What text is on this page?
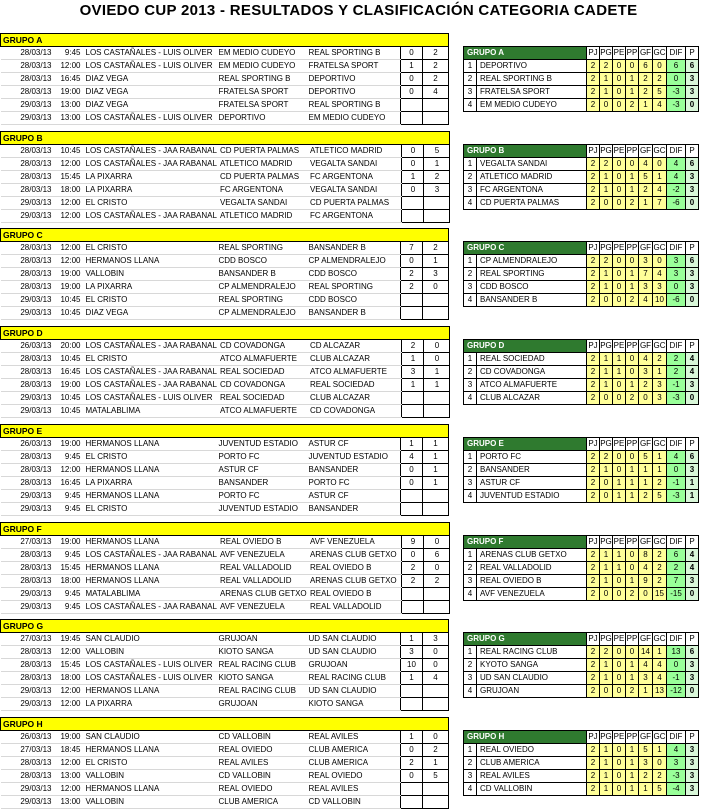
OVIEDO CUP 2013 - RESULTADOS Y CLASIFICACIÓN CATEGORIA CADETE
GRUPO A						
28/03/13	9:45	LOS CASTAÑALES - LUIS OLIVER	EM MEDIO CUDEYO	REAL SPORTING B	0	2
28/03/13	12:00	LOS CASTAÑALES - LUIS OLIVER	EM MEDIO CUDEYO	FRATELSA SPORT	1	2
28/03/13	16:45	DIAZ VEGA	REAL SPORTING B	DEPORTIVO	0	2
28/03/13	19:00	DIAZ VEGA	FRATELSA SPORT	DEPORTIVO	0	4
29/03/13	13:00	DIAZ VEGA	FRATELSA SPORT	REAL SPORTING B		
29/03/13	13:00	LOS CASTAÑALES - LUIS OLIVER	DEPORTIVO	EM MEDIO CUDEYO		
GRUPO A		PJ	PG	PE	PP	GF	GC	DIF	P
1	DEPORTIVO	2	2	0	0	6	0	6	6
2	REAL SPORTING B	2	1	0	1	2	2	0	3
3	FRATELSA SPORT	2	1	0	1	2	5	-3	3
4	EM MEDIO CUDEYO	2	0	0	2	1	4	-3	0
GRUPO B						
28/03/13	10:45	LOS CASTAÑALES - JAA RABANAL	CD PUERTA PALMAS	ATLETICO MADRID	0	5
28/03/13	12:00	LOS CASTAÑALES - JAA RABANAL	ATLETICO MADRID	VEGALTA SANDAI	0	1
28/03/13	15:45	LA PIXARRA	CD PUERTA PALMAS	FC ARGENTONA	1	2
28/03/13	18:00	LA PIXARRA	FC ARGENTONA	VEGALTA SANDAI	0	3
29/03/13	12:00	EL CRISTO	VEGALTA SANDAI	CD PUERTA PALMAS		
29/03/13	12:00	LOS CASTAÑALES - JAA RABANAL	ATLETICO MADRID	FC ARGENTONA		
GRUPO B		PJ	PG	PE	PP	GF	GC	DIF	P
1	VEGALTA SANDAI	2	2	0	0	4	0	4	6
2	ATLETICO MADRID	2	1	0	1	5	1	4	3
3	FC ARGENTONA	2	1	0	1	2	4	-2	3
4	CD PUERTA PALMAS	2	0	0	2	1	7	-6	0
GRUPO C						
28/03/13	12:00	EL CRISTO	REAL SPORTING	BANSANDER B	7	2
28/03/13	12:00	HERMANOS LLANA	CDD BOSCO	CP ALMENDRALEJO	0	1
28/03/13	19:00	VALLOBIN	BANSANDER B	CDD BOSCO	2	3
28/03/13	19:00	LA PIXARRA	CP ALMENDRALEJO	REAL SPORTING	2	0
29/03/13	10:45	EL CRISTO	REAL SPORTING	CDD BOSCO		
29/03/13	10:45	DIAZ VEGA	CP ALMENDRALEJO	BANSANDER B		
GRUPO C		PJ	PG	PE	PP	GF	GC	DIF	P
1	CP ALMENDRALEJO	2	2	0	0	3	0	3	6
2	REAL SPORTING	2	1	0	1	7	4	3	3
3	CDD BOSCO	2	1	0	1	3	3	0	3
4	BANSANDER B	2	0	0	2	4	10	-6	0
GRUPO D						
26/03/13	20:00	LOS CASTAÑALES - JAA RABANAL	CD COVADONGA	CD ALCAZAR	2	0
28/03/13	10:45	EL CRISTO	ATCO ALMAFUERTE	CLUB ALCAZAR	1	0
28/03/13	16:45	LOS CASTAÑALES - JAA RABANAL	REAL SOCIEDAD	ATCO ALMAFUERTE	3	1
28/03/13	19:00	LOS CASTAÑALES - JAA RABANAL	CD COVADONGA	REAL SOCIEDAD	1	1
29/03/13	10:45	LOS CASTAÑALES - LUIS OLIVER	REAL SOCIEDAD	CLUB ALCAZAR		
29/03/13	10:45	MATALABLIMA	ATCO ALMAFUERTE	CD COVADONGA		
GRUPO D		PJ	PG	PE	PP	GF	GC	DIF	P
1	REAL SOCIEDAD	2	1	1	0	4	2	2	4
2	CD COVADONGA	2	1	1	0	3	1	2	4
3	ATCO ALMAFUERTE	2	1	0	1	2	3	-1	3
4	CLUB ALCAZAR	2	0	0	2	0	3	-3	0
GRUPO E						
26/03/13	19:00	HERMANOS LLANA	JUVENTUD ESTADIO	ASTUR CF	1	1
28/03/13	9:45	EL CRISTO	PORTO FC	JUVENTUD ESTADIO	4	1
28/03/13	12:00	HERMANOS LLANA	ASTUR CF	BANSANDER	0	1
28/03/13	16:45	LA PIXARRA	BANSANDER	PORTO FC	0	1
29/03/13	9:45	HERMANOS LLANA	PORTO FC	ASTUR CF		
29/03/13	9:45	EL CRISTO	JUVENTUD ESTADIO	BANSANDER		
GRUPO E		PJ	PG	PE	PP	GF	GC	DIF	P
1	PORTO FC	2	2	0	0	5	1	4	6
2	BANSANDER	2	1	0	1	1	1	0	3
3	ASTUR CF	2	0	1	1	1	2	-1	1
4	JUVENTUD ESTADIO	2	0	1	1	2	5	-3	1
GRUPO F						
27/03/13	19:00	HERMANOS LLANA	REAL OVIEDO B	AVF VENEZUELA	9	0
28/03/13	9:45	LOS CASTAÑALES - JAA RABANAL	AVF VENEZUELA	ARENAS CLUB GETXO	0	6
28/03/13	15:45	HERMANOS LLANA	REAL VALLADOLID	REAL OVIEDO B	2	0
28/03/13	18:00	HERMANOS LLANA	REAL VALLADOLID	ARENAS CLUB GETXO	2	2
29/03/13	9:45	MATALABLIMA	ARENAS CLUB GETXO	REAL OVIEDO B		
29/03/13	9:45	LOS CASTAÑALES - JAA RABANAL	AVF VENEZUELA	REAL VALLADOLID		
GRUPO F		PJ	PG	PE	PP	GF	GC	DIF	P
1	ARENAS CLUB GETXO	2	1	1	0	8	2	6	4
2	REAL VALLADOLID	2	1	1	0	4	2	2	4
3	REAL OVIEDO B	2	1	0	1	9	2	7	3
4	AVF VENEZUELA	2	0	0	2	0	15	-15	0
GRUPO G						
27/03/13	19:45	SAN CLAUDIO	GRUJOAN	UD SAN CLAUDIO	1	3
28/03/13	12:00	VALLOBIN	KIOTO SANGA	UD SAN CLAUDIO	3	0
28/03/13	15:45	LOS CASTAÑALES - LUIS OLIVER	REAL RACING CLUB	GRUJOAN	10	0
28/03/13	18:00	LOS CASTAÑALES - LUIS OLIVER	KIOTO SANGA	REAL RACING CLUB	1	4
29/03/13	12:00	HERMANOS LLANA	REAL RACING CLUB	UD SAN CLAUDIO		
29/03/13	12:00	LA PIXARRA	GRUJOAN	KIOTO SANGA		
GRUPO G		PJ	PG	PE	PP	GF	GC	DIF	P
1	REAL RACING CLUB	2	2	0	0	14	1	13	6
2	KYOTO SANGA	2	1	0	1	4	4	0	3
3	UD SAN CLAUDIO	2	1	0	1	3	4	-1	3
4	GRUJOAN	2	0	0	2	1	13	-12	0
GRUPO H						
26/03/13	19:00	SAN CLAUDIO	CD VALLOBIN	REAL AVILES	1	0
27/03/13	18:45	HERMANOS LLANA	REAL OVIEDO	CLUB AMERICA	0	2
28/03/13	12:00	EL CRISTO	REAL AVILES	CLUB AMERICA	2	1
28/03/13	13:00	VALLOBIN	CD VALLOBIN	REAL OVIEDO	0	5
29/03/13	12:00	HERMANOS LLANA	REAL OVIEDO	REAL AVILES		
29/03/13	13:00	VALLOBIN	CLUB AMERICA	CD VALLOBIN		
GRUPO H		PJ	PG	PE	PP	GF	GC	DIF	P
1	REAL OVIEDO	2	1	0	1	5	1	4	3
2	CLUB AMERICA	2	1	0	1	3	0	3	3
3	REAL AVILES	2	1	0	1	2	2	-3	3
4	CD VALLOBIN	2	1	0	1	1	5	-4	3
